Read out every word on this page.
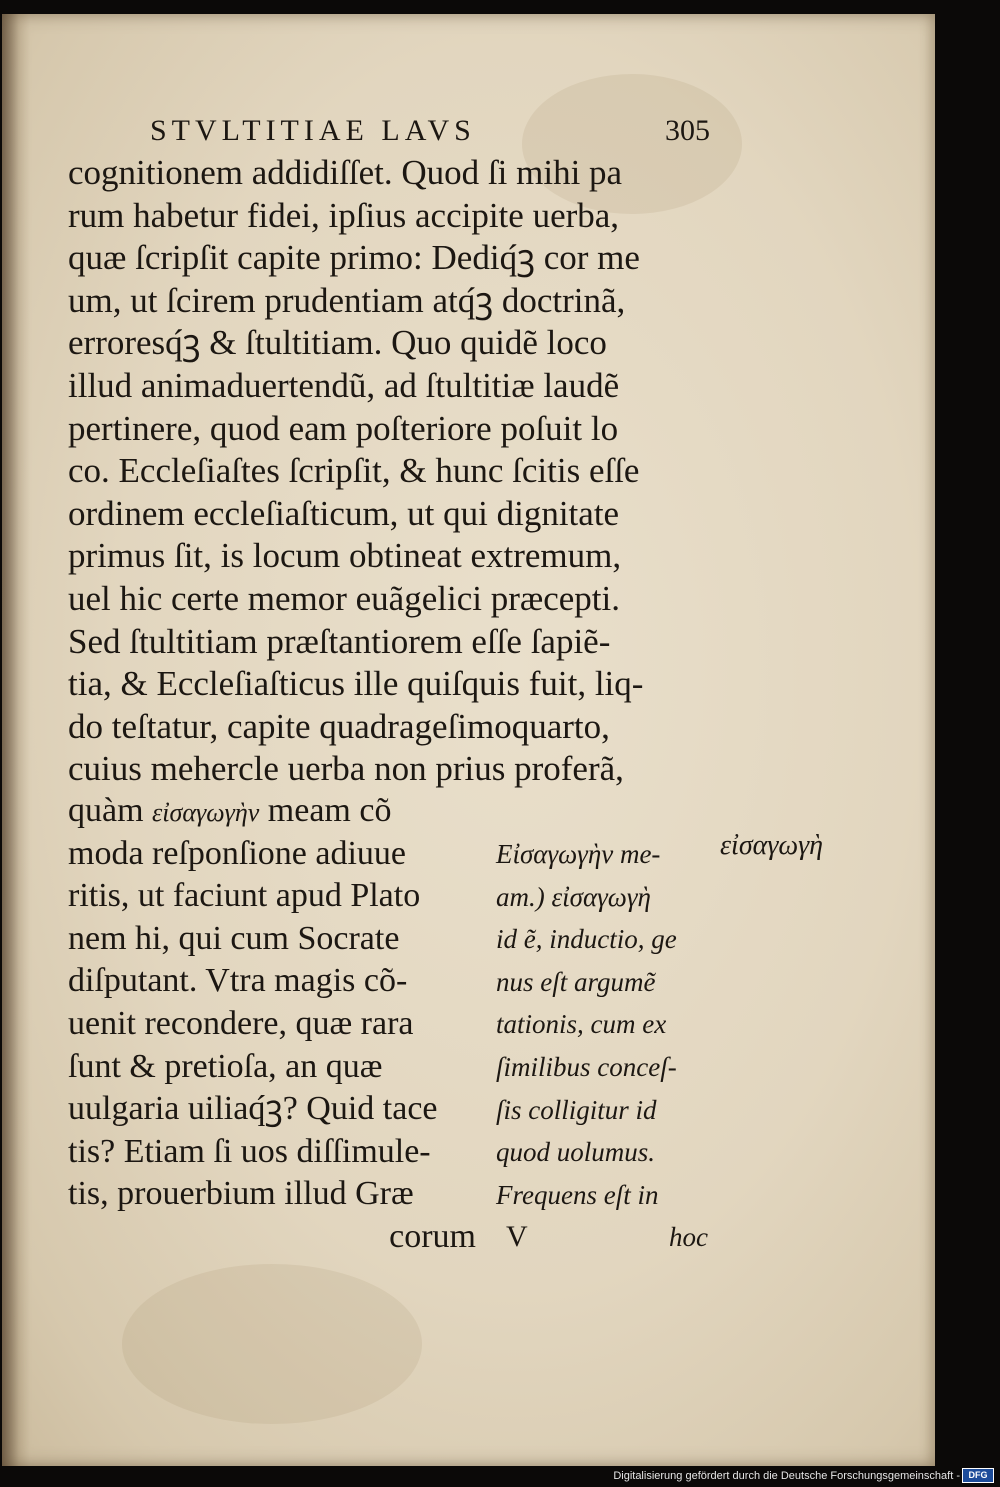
STVLTITIAE LAVS	305
cognitionem addidiſſet. Quod ſi mihi pa
rum habetur fidei, ipſius accipite uerba,
quæ ſcripſit capite primo: Dediq́ꝫ cor me
um, ut ſcirem prudentiam atq́ꝫ doctrinã,
erroresq́ꝫ & ſtultitiam. Quo quidẽ loco
illud animaduertendũ, ad ſtultitiæ laudẽ
pertinere, quod eam poſteriore poſuit lo
co. Eccleſiaſtes ſcripſit, & hunc ſcitis eſſe
ordinem eccleſiaſticum, ut qui dignitate
primus ſit, is locum obtineat extremum,
uel hic certe memor euãgelici præcepti.
Sed ſtultitiam præſtantiorem eſſe ſapiẽ-
tia, & Eccleſiaſticus ille quiſquis fuit, liq-
do teſtatur, capite quadrageſimoquarto,
cuius mehercle uerba non prius proferã,
quàm εἰσαγωγὴν meam cõ
moda reſponſione adiuue
ritis, ut faciunt apud Plato
nem hi, qui cum Socrate
diſputant. Vtra magis cõ-
uenit recondere, quæ rara
ſunt & pretioſa, an quæ
uulgaria uiliaq́ꝫ? Quid tace
tis? Etiam ſi uos diſſimule-
tis, prouerbium illud Græ
corum
Εἰσαγωγὴν me-
am.) εἰσαγωγὴ
id ẽ, inductio, ge
nus eſt argumẽ
tationis, cum ex
ſimilibus conceſ-
ſis colligitur id
quod uolumus.
Frequens eſt in
V	hoc
εἰσαγωγὴ
Digitalisierung gefördert durch die Deutsche Forschungsgemeinschaft - DFG
